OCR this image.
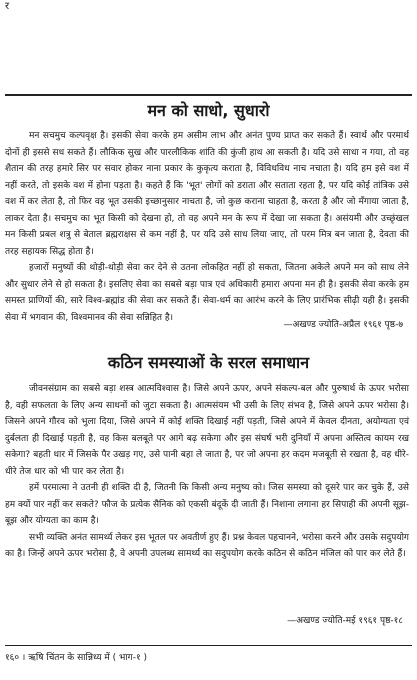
र
मन को साधो, सुधारो

मन सचमुच कल्पवृक्ष है। इसकी सेवा करके हम असीम लाभ और अनंत पुण्य प्राप्त कर सकते हैं। स्वार्थ और परमार्थ दोनों ही इससे सध सकते हैं। लौकिक सुख और पारलौकिक शांति की कुंजी हाथ आ सकती है। यदि उसे साधा न गया, तो वह शैतान की तरह हमारे सिर पर सवार होकर नाना प्रकार के कुकृत्य कराता है, विविधविध नाच नचाता है। यदि हम इसे वश में नहीं करते, तो इसके वश में होना पड़ता है। कहते हैं कि 'भूत' लोगों को डराता और सताता रहता है, पर यदि कोई तांत्रिक उसे वश में कर लेता है, तो फिर वह भूत उसकी इच्छानुसार नाचता है, जो कुछ कराना चाहता है, करता है और जो मँगाया जाता है, लाकर देता है। सचमुच का भूत किसी को देखना हो, तो वह अपने मन के रूप में देखा जा सकता है। असंयमी और उच्छृंखल मन किसी प्रबल शत्रु से बेताल ब्रह्मराक्षस से कम नहीं है, पर यदि उसे साध लिया जाए, तो परम मित्र बन जाता है, देवता की तरह सहायक सिद्ध होता है।

हजारों मनुष्यों की थोड़ी-थोड़ी सेवा कर देने से उतना लोकहित नहीं हो सकता, जितना अकेले अपने मन को साध लेने और सुधार लेने से हो सकता है। इसलिए सेवा का सबसे बड़ा पात्र एवं अधिकारी हमारा अपना मन ही है। इसकी सेवा करके हम समस्त प्राणियों की, सारे विश्व-ब्रह्मांड की सेवा कर सकते हैं। सेवा-धर्म का आरंभ करने के लिए प्रारंभिक सीढ़ी यही है। इसकी सेवा में भगवान की, विश्वमानव की सेवा सन्निहित है।

—अखण्ड ज्योति-अप्रैल १९६१ पृष्ठ-७
कठिन समस्याओं के सरल समाधान

जीवनसंग्राम का सबसे बड़ा शस्त्र आत्मविश्वास है। जिसे अपने ऊपर, अपने संकल्प-बल और पुरुषार्थ के ऊपर भरोसा है, वही सफलता के लिए अन्य साधनों को जुटा सकता है। आत्मसंयम भी उसी के लिए संभव है, जिसे अपने ऊपर भरोसा है। जिसने अपने गौरव को भुला दिया, जिसे अपने में कोई शक्ति दिखाई नहीं पड़ती, जिसे अपने में केवल दीनता, अयोग्यता एवं दुर्बलता ही दिखाई पड़ती है, वह किस बलबूते पर आगे बढ़ सकेगा और इस संघर्ष भरी दुनियाँ में अपना अस्तित्व कायम रख सकेगा? बहती धार में जिसके पैर उखड़ गए, उसे पानी बहा ले जाता है, पर जो अपना हर कदम मजबूती से रखता है, वह धीरे-धीरे तेज धार को भी पार कर लेता है।

हमें परमात्मा ने उतनी ही शक्ति दी है, जितनी कि किसी अन्य मनुष्य को। जिस समस्या को दूसरे पार कर चुके हैं, उसे हम क्यों पार नहीं कर सकते? फौज के प्रत्येक सैनिक को एकसी बंदूकें दी जाती हैं। निशाना लगाना हर सिपाही की अपनी सूझ-बूझ और योग्यता का काम है।

सभी व्यक्ति अनंत सामर्थ्य लेकर इस भूतल पर अवतीर्ण हुए हैं। प्रश्न केवल पहचानने, भरोसा करने और उसके सदुपयोग का है। जिन्हें अपने ऊपर भरोसा है, वे अपनी उपलब्ध सामर्थ्य का सदुपयोग करके कठिन से कठिन मंजिल को पार कर लेते हैं।

—अखण्ड ज्योति-मई १९६१ पृष्ठ-१८
१६० । ऋषि चिंतन के सान्निध्य में ( भाग-१ )
